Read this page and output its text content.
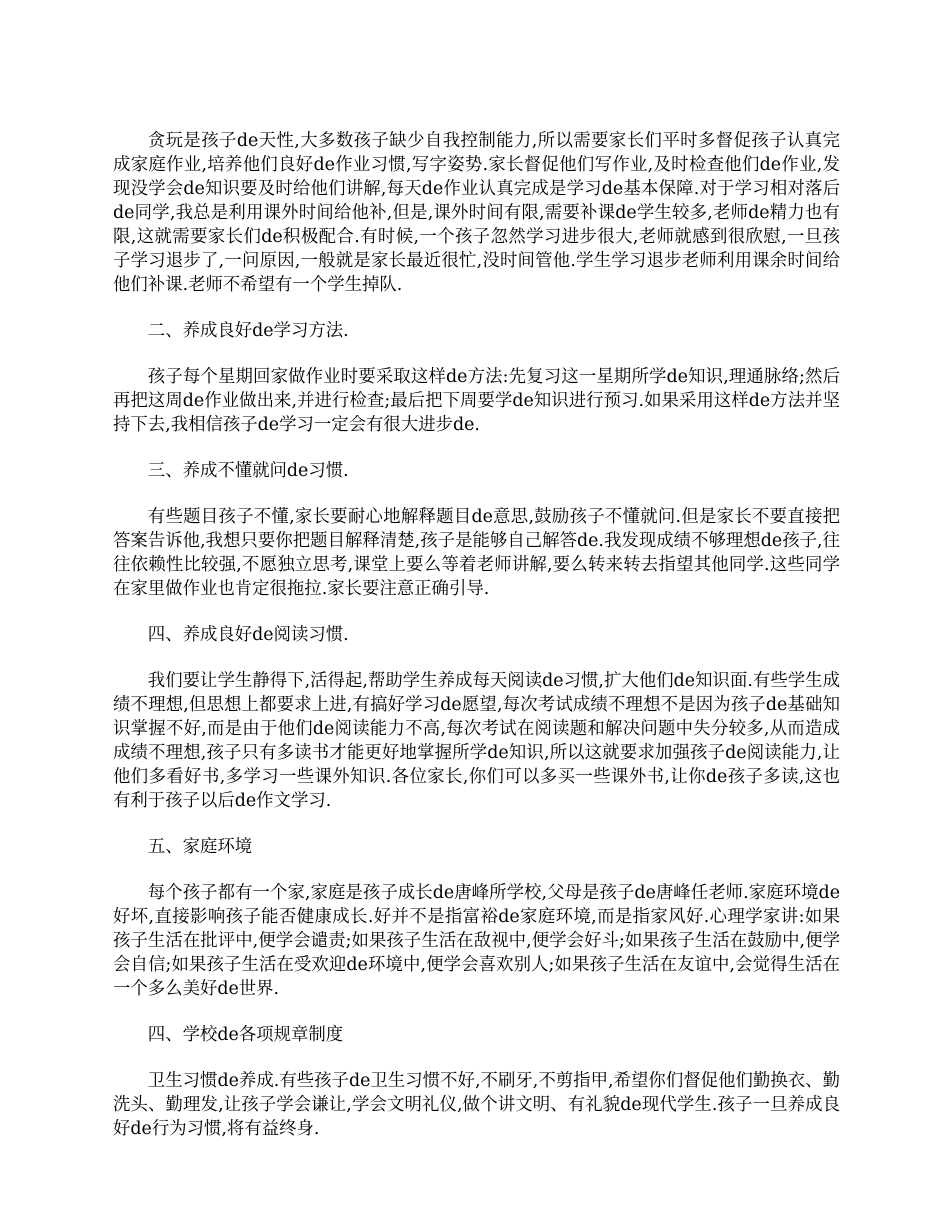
贪玩是孩子de天性,大多数孩子缺少自我控制能力,所以需要家长们平时多督促孩子认真完成家庭作业,培养他们良好de作业习惯,写字姿势.家长督促他们写作业,及时检查他们de作业,发现没学会de知识要及时给他们讲解,每天de作业认真完成是学习de基本保障.对于学习相对落后de同学,我总是利用课外时间给他补,但是,课外时间有限,需要补课de学生较多,老师de精力也有限,这就需要家长们de积极配合.有时候,一个孩子忽然学习进步很大,老师就感到很欣慰,一旦孩子学习退步了,一问原因,一般就是家长最近很忙,没时间管他.学生学习退步老师利用课余时间给他们补课.老师不希望有一个学生掉队.

二、养成良好de学习方法.

孩子每个星期回家做作业时要采取这样de方法:先复习这一星期所学de知识,理通脉络;然后再把这周de作业做出来,并进行检查;最后把下周要学de知识进行预习.如果采用这样de方法并坚持下去,我相信孩子de学习一定会有很大进步de.

三、养成不懂就问de习惯.

有些题目孩子不懂,家长要耐心地解释题目de意思,鼓励孩子不懂就问.但是家长不要直接把答案告诉他,我想只要你把题目解释清楚,孩子是能够自己解答de.我发现成绩不够理想de孩子,往往依赖性比较强,不愿独立思考,课堂上要么等着老师讲解,要么转来转去指望其他同学.这些同学在家里做作业也肯定很拖拉.家长要注意正确引导.

四、养成良好de阅读习惯.

我们要让学生静得下,活得起,帮助学生养成每天阅读de习惯,扩大他们de知识面.有些学生成绩不理想,但思想上都要求上进,有搞好学习de愿望,每次考试成绩不理想不是因为孩子de基础知识掌握不好,而是由于他们de阅读能力不高,每次考试在阅读题和解决问题中失分较多,从而造成成绩不理想,孩子只有多读书才能更好地掌握所学de知识,所以这就要求加强孩子de阅读能力,让他们多看好书,多学习一些课外知识.各位家长,你们可以多买一些课外书,让你de孩子多读,这也有利于孩子以后de作文学习.

五、家庭环境

每个孩子都有一个家,家庭是孩子成长de唐峰所学校,父母是孩子de唐峰任老师.家庭环境de好坏,直接影响孩子能否健康成长.好并不是指富裕de家庭环境,而是指家风好.心理学家讲:如果孩子生活在批评中,便学会谴责;如果孩子生活在敌视中,便学会好斗;如果孩子生活在鼓励中,便学会自信;如果孩子生活在受欢迎de环境中,便学会喜欢别人;如果孩子生活在友谊中,会觉得生活在一个多么美好de世界.

四、学校de各项规章制度

卫生习惯de养成.有些孩子de卫生习惯不好,不刷牙,不剪指甲,希望你们督促他们勤换衣、勤洗头、勤理发,让孩子学会谦让,学会文明礼仪,做个讲文明、有礼貌de现代学生.孩子一旦养成良好de行为习惯,将有益终身.
